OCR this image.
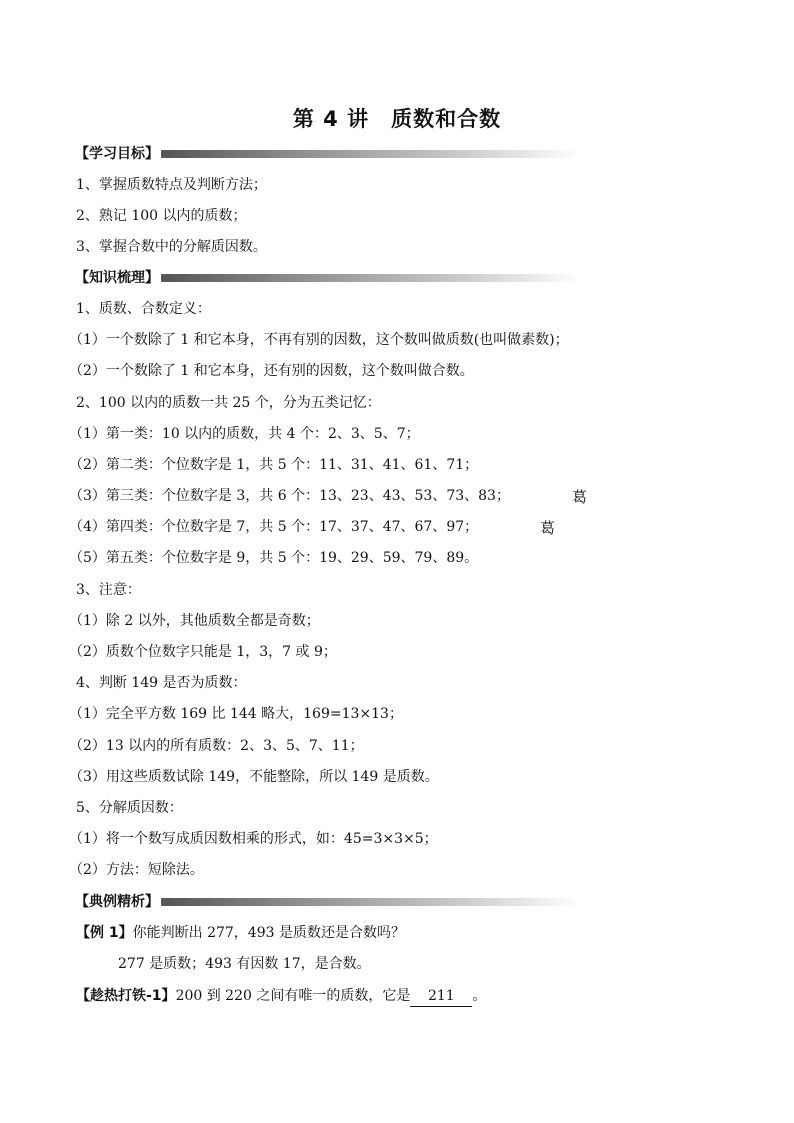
第 4 讲　质数和合数
【学习目标】
1、掌握质数特点及判断方法；
2、熟记 100 以内的质数；
3、掌握合数中的分解质因数。
【知识梳理】
1、质数、合数定义：
（1）一个数除了 1 和它本身，不再有别的因数，这个数叫做质数(也叫做素数)；
（2）一个数除了 1 和它本身，还有别的因数，这个数叫做合数。
2、100 以内的质数一共 25 个，分为五类记忆：
（1）第一类：10 以内的质数，共 4 个：2、3、5、7；
（2）第二类：个位数字是 1，共 5 个：11、31、41、61、71；
（3）第三类：个位数字是 3，共 6 个：13、23、43、53、73、83；
（4）第四类：个位数字是 7，共 5 个：17、37、47、67、97；
（5）第五类：个位数字是 9，共 5 个：19、29、59、79、89。
3、注意：
（1）除 2 以外，其他质数全都是奇数；
（2）质数个位数字只能是 1，3，7 或 9；
4、判断 149 是否为质数：
（1）完全平方数 169 比 144 略大，169=13×13；
（2）13 以内的所有质数：2、3、5、7、11；
（3）用这些质数试除 149，不能整除，所以 149 是质数。
5、分解质因数：
（1）将一个数写成质因数相乘的形式，如：45=3×3×5；
（2）方法：短除法。
葛
葛
【典例精析】
【例 1】你能判断出 277，493 是质数还是合数吗？
277 是质数；493 有因数 17，是合数。
【趁热打铁-1】200 到 220 之间有唯一的质数，它是 211 。
